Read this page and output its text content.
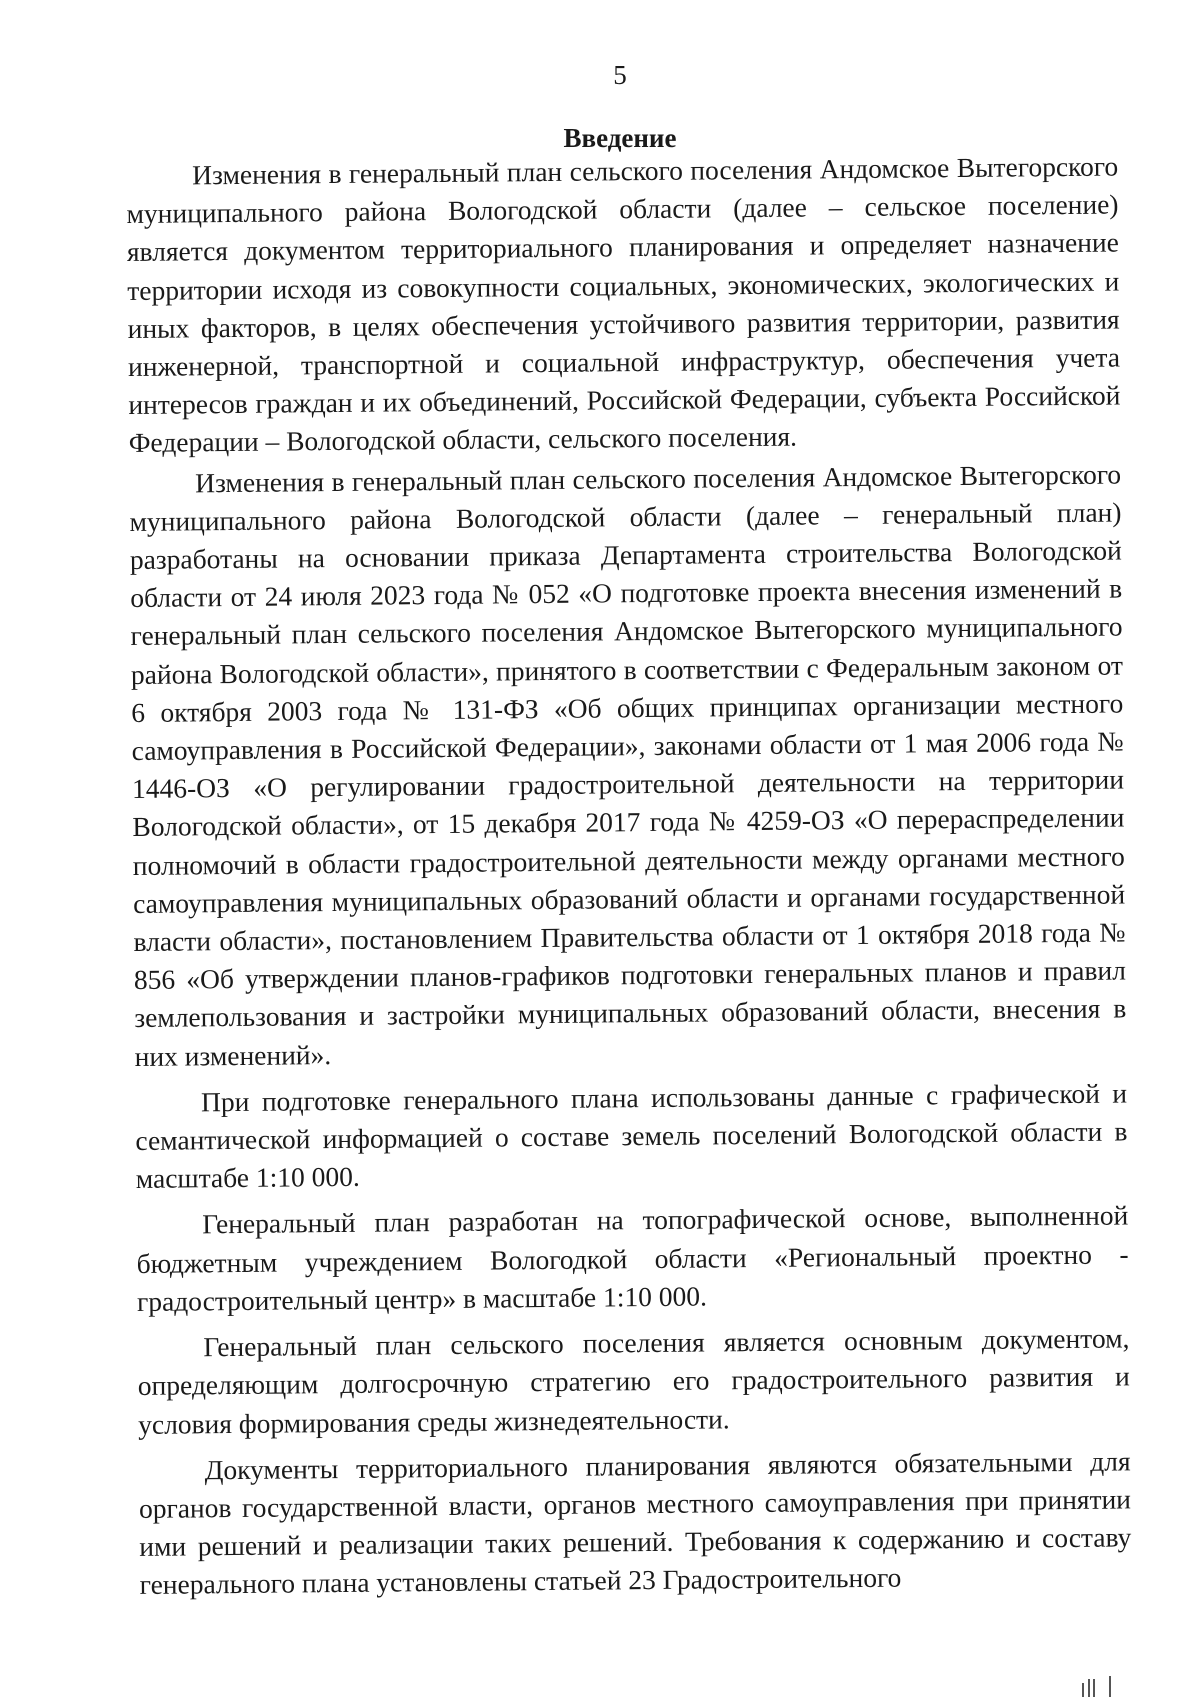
5
Введение

Изменения в генеральный план сельского поселения Андомское Вытегорского муниципального района Вологодской области (далее – сельское поселение) является документом территориального планирования и определяет назначение территории исходя из совокупности социальных, экономических, экологических и иных факторов, в целях обеспечения устойчивого развития территории, развития инженерной, транспортной и социальной инфраструктур, обеспечения учета интересов граждан и их объединений, Российской Федерации, субъекта Российской Федерации – Вологодской области, сельского поселения.

Изменения в генеральный план сельского поселения Андомское Вытегорского муниципального района Вологодской области (далее – генеральный план) разработаны на основании приказа Департамента строительства Вологодской области от 24 июля 2023 года № 052 «О подготовке проекта внесения изменений в генеральный план сельского поселения Андомское Вытегорского муниципального района Вологодской области», принятого в соответствии с Федеральным законом от 6 октября 2003 года № 131-ФЗ «Об общих принципах организации местного самоуправления в Российской Федерации», законами области от 1 мая 2006 года № 1446-ОЗ «О регулировании градостроительной деятельности на территории Вологодской области», от 15 декабря 2017 года № 4259-ОЗ «О перераспределении полномочий в области градостроительной деятельности между органами местного самоуправления муниципальных образований области и органами государственной власти области», постановлением Правительства области от 1 октября 2018 года № 856 «Об утверждении планов-графиков подготовки генеральных планов и правил землепользования и застройки муниципальных образований области, внесения в них изменений».

При подготовке генерального плана использованы данные с графической и семантической информацией о составе земель поселений Вологодской области в масштабе 1:10 000.

Генеральный план разработан на топографической основе, выполненной бюджетным учреждением Вологодкой области «Региональный проектно - градостроительный центр» в масштабе 1:10 000.

Генеральный план сельского поселения является основным документом, определяющим долгосрочную стратегию его градостроительного развития и условия формирования среды жизнедеятельности.

Документы территориального планирования являются обязательными для органов государственной власти, органов местного самоуправления при принятии ими решений и реализации таких решений. Требования к содержанию и составу генерального плана установлены статьей 23 Градостроительного
